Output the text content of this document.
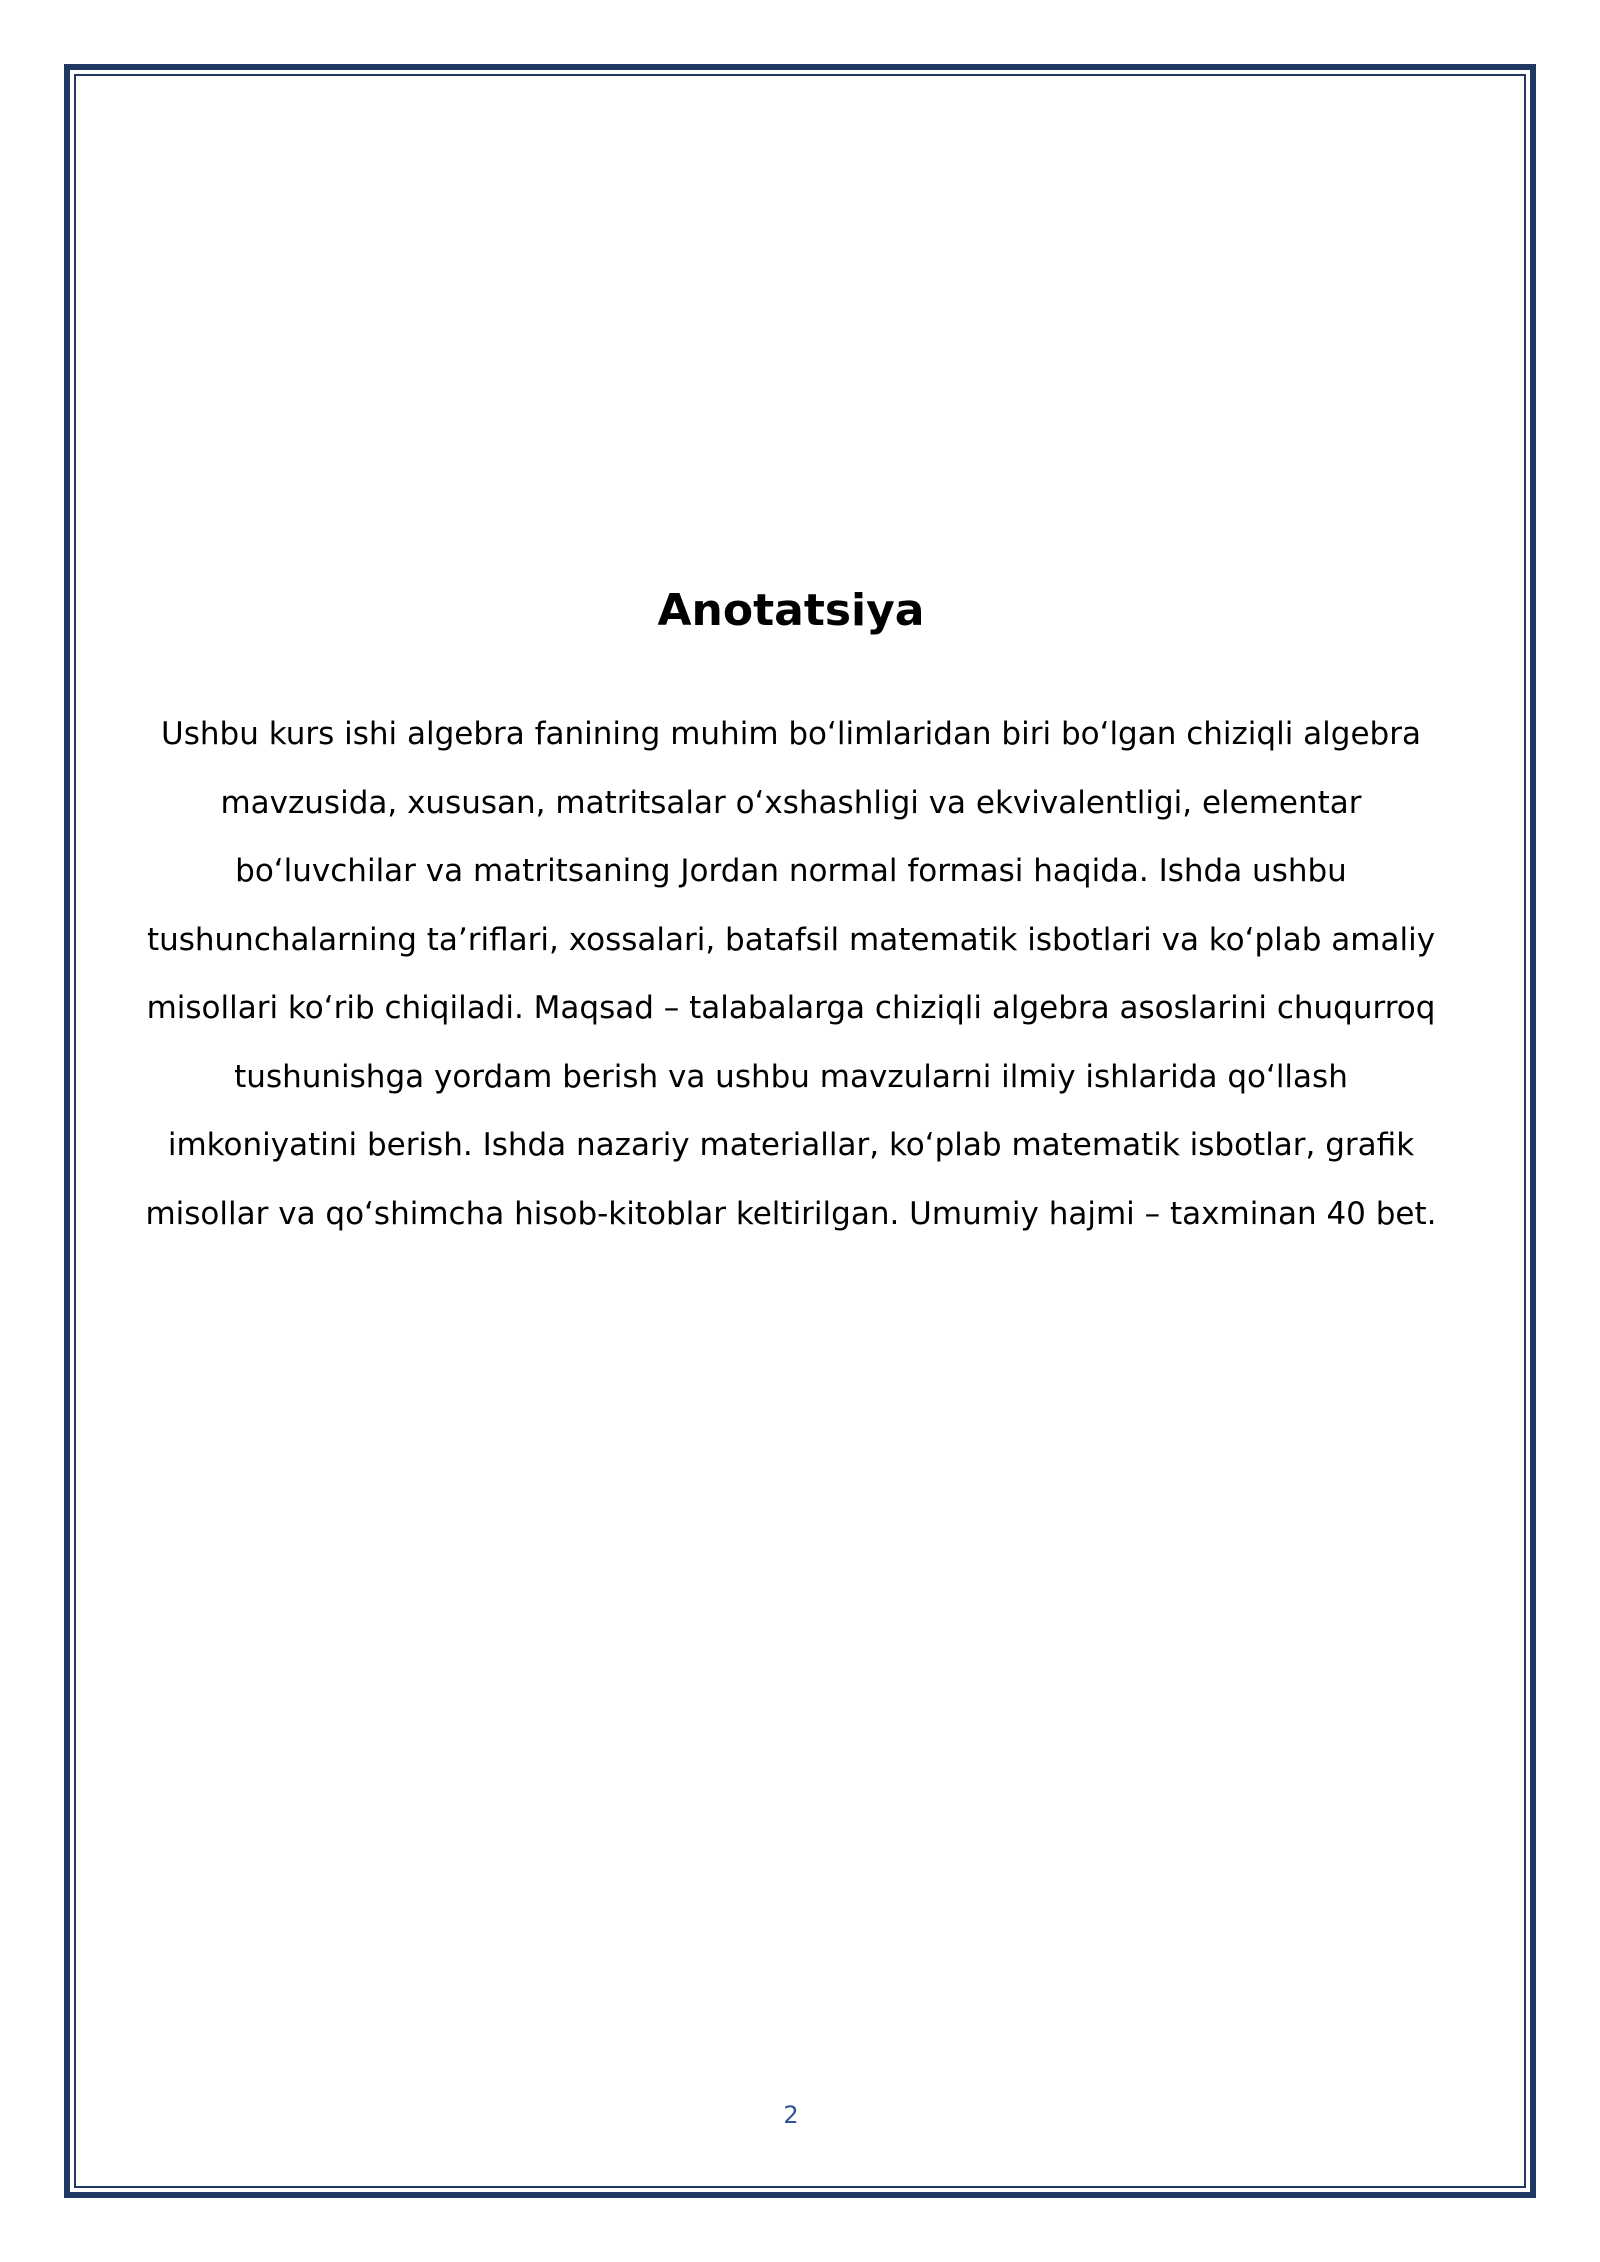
Anotatsiya

Ushbu kurs ishi algebra fanining muhim boʻlimlaridan biri boʻlgan chiziqli algebra mavzusida, xususan, matritsalar oʻxshashligi va ekvivalentligi, elementar boʻluvchilar va matritsaning Jordan normal formasi haqida. Ishda ushbu tushunchalarning taʼriflari, xossalari, batafsil matematik isbotlari va koʻplab amaliy misollari koʻrib chiqiladi. Maqsad – talabalarga chiziqli algebra asoslarini chuqurroq tushunishga yordam berish va ushbu mavzularni ilmiy ishlarida qoʻllash imkoniyatini berish. Ishda nazariy materiallar, koʻplab matematik isbotlar, grafik misollar va qoʻshimcha hisob-kitoblar keltirilgan. Umumiy hajmi – taxminan 40 bet.

2
